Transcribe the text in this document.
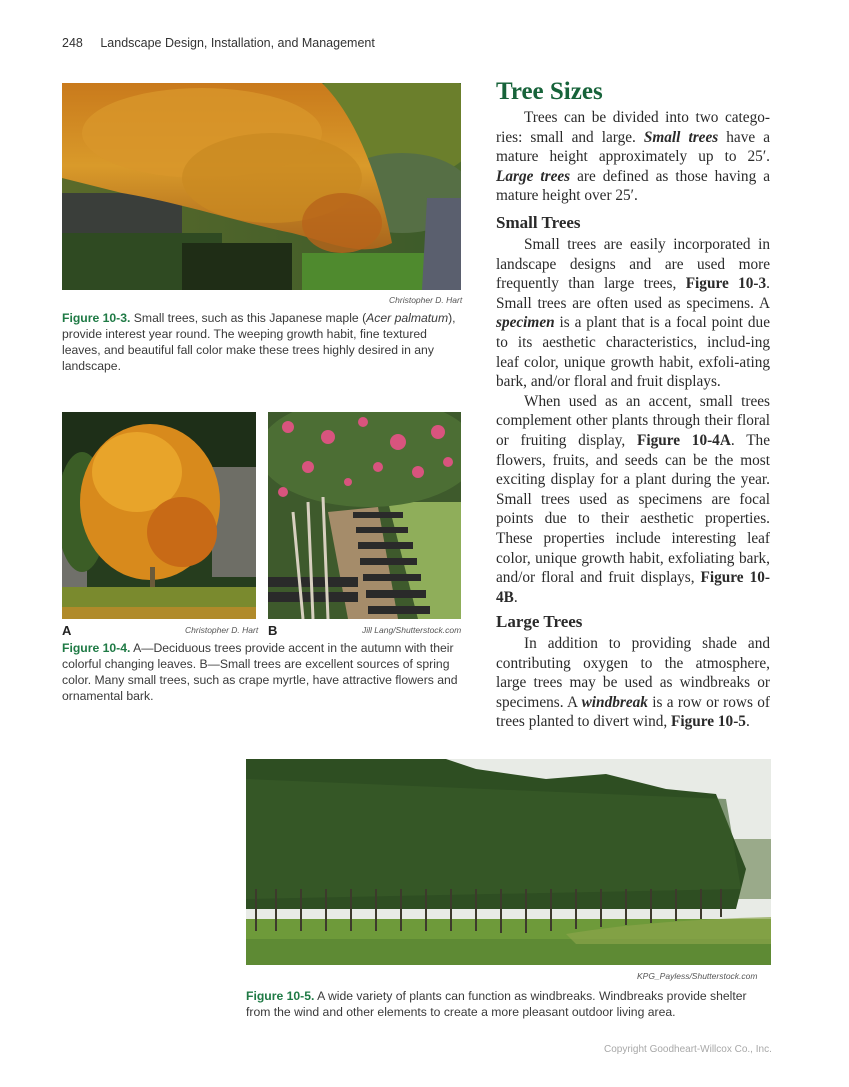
248 Landscape Design, Installation, and Management
Christopher D. Hart
Figure 10-3. Small trees, such as this Japanese maple (Acer palmatum), provide interest year round. The weeping growth habit, fine textured leaves, and beautiful fall color make these trees highly desired in any landscape.
A	Christopher D. Hart B	Jill Lang/Shutterstock.com
Figure 10-4. A—Deciduous trees provide accent in the autumn with their colorful changing leaves. B—Small trees are excellent sources of spring color. Many small trees, such as crape myrtle, have attractive flowers and ornamental bark.
Tree Sizes

Trees can be divided into two catego-ries: small and large. Small trees have a mature height approximately up to 25′. Large trees are defined as those having a mature height over 25′.

Small Trees

Small trees are easily incorporated in landscape designs and are used more frequently than large trees, Figure 10-3. Small trees are often used as specimens. A specimen is a plant that is a focal point due to its aesthetic characteristics, includ-ing leaf color, unique growth habit, exfoli-ating bark, and/or floral and fruit displays.

When used as an accent, small trees complement other plants through their floral or fruiting display, Figure 10-4A. The flowers, fruits, and seeds can be the most exciting display for a plant during the year. Small trees used as specimens are focal points due to their aesthetic properties. These properties include interesting leaf color, unique growth habit, exfoliating bark, and/or floral and fruit displays, Figure 10-4B.

Large Trees

In addition to providing shade and contributing oxygen to the atmosphere, large trees may be used as windbreaks or specimens. A windbreak is a row or rows of trees planted to divert wind, Figure 10-5.

KPG_Payless/Shutterstock.com
Figure 10-5. A wide variety of plants can function as windbreaks. Windbreaks provide shelter from the wind and other elements to create a more pleasant outdoor living area.
Copyright Goodheart-Willcox Co., Inc.
